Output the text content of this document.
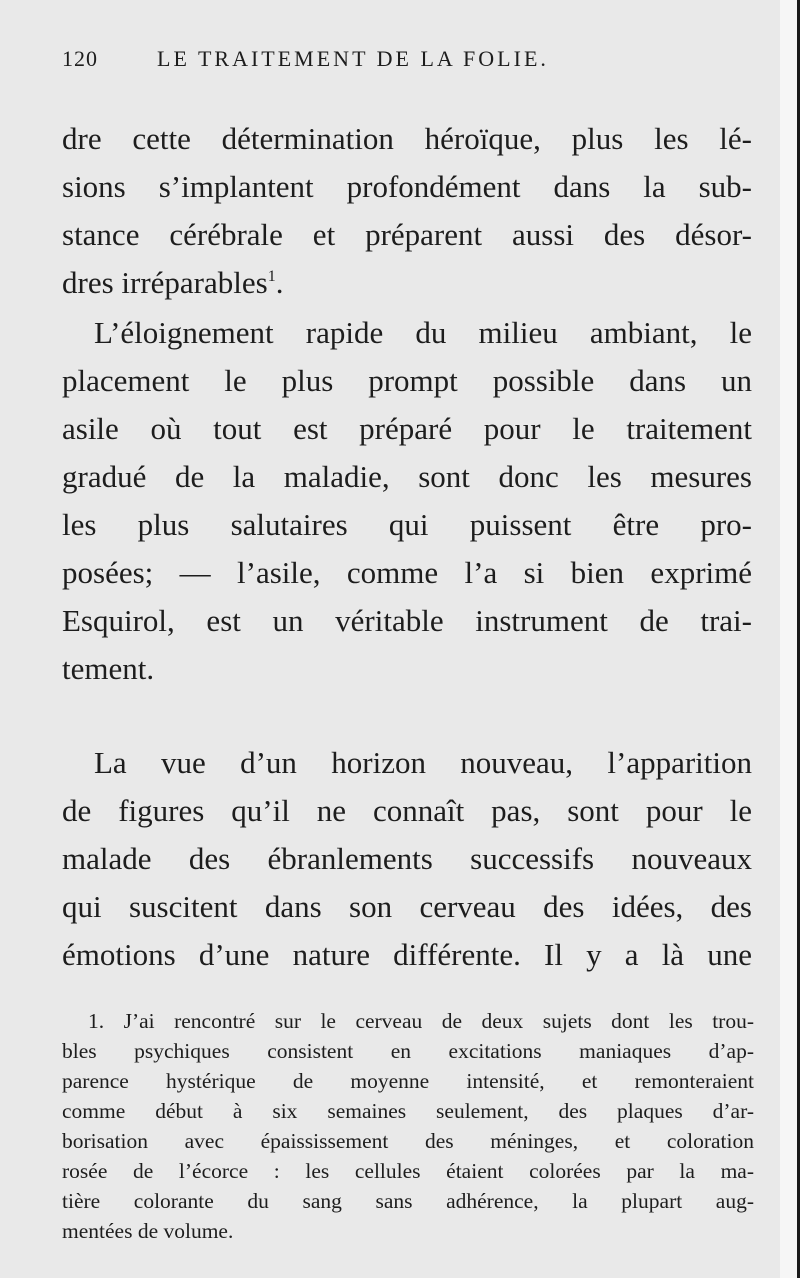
120	LE TRAITEMENT DE LA FOLIE.
dre cette détermination héroïque, plus les lé-
sions s’implantent profondément dans la sub-
stance cérébrale et préparent aussi des désor-
dres irréparables$^1$.
L’éloignement rapide du milieu ambiant, le
placement le plus prompt possible dans un
asile où tout est préparé pour le traitement
gradué de la maladie, sont donc les mesures
les plus salutaires qui puissent être pro-
posées; — l’asile, comme l’a si bien exprimé
Esquirol, est un véritable instrument de trai-
tement.
La vue d’un horizon nouveau, l’apparition
de figures qu’il ne connaît pas, sont pour le
malade des ébranlements successifs nouveaux
qui suscitent dans son cerveau des idées, des
émotions d’une nature différente. Il y a là une
1. J’ai rencontré sur le cerveau de deux sujets dont les trou-
bles psychiques consistent en excitations maniaques d’ap-
parence hystérique de moyenne intensité, et remonteraient
comme début à six semaines seulement, des plaques d’ar-
borisation avec épaississement des méninges, et coloration
rosée de l’écorce : les cellules étaient colorées par la ma-
tière colorante du sang sans adhérence, la plupart aug-
mentées de volume.
